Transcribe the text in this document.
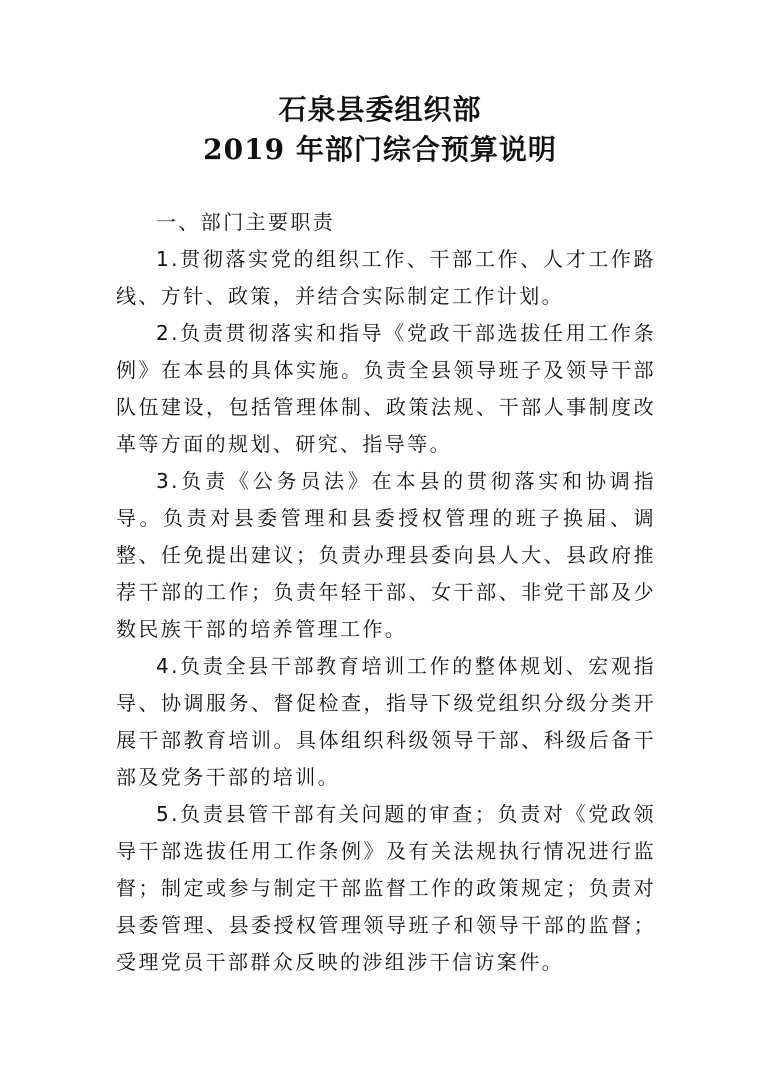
石泉县委组织部
2019 年部门综合预算说明
一、部门主要职责

1.贯彻落实党的组织工作、干部工作、人才工作路线、方针、政策，并结合实际制定工作计划。

2.负责贯彻落实和指导《党政干部选拔任用工作条例》在本县的具体实施。负责全县领导班子及领导干部队伍建设，包括管理体制、政策法规、干部人事制度改革等方面的规划、研究、指导等。

3.负责《公务员法》在本县的贯彻落实和协调指导。负责对县委管理和县委授权管理的班子换届、调整、任免提出建议；负责办理县委向县人大、县政府推荐干部的工作；负责年轻干部、女干部、非党干部及少数民族干部的培养管理工作。

4.负责全县干部教育培训工作的整体规划、宏观指导、协调服务、督促检查，指导下级党组织分级分类开展干部教育培训。具体组织科级领导干部、科级后备干部及党务干部的培训。

5.负责县管干部有关问题的审查；负责对《党政领导干部选拔任用工作条例》及有关法规执行情况进行监督；制定或参与制定干部监督工作的政策规定；负责对县委管理、县委授权管理领导班子和领导干部的监督；受理党员干部群众反映的涉组涉干信访案件。
